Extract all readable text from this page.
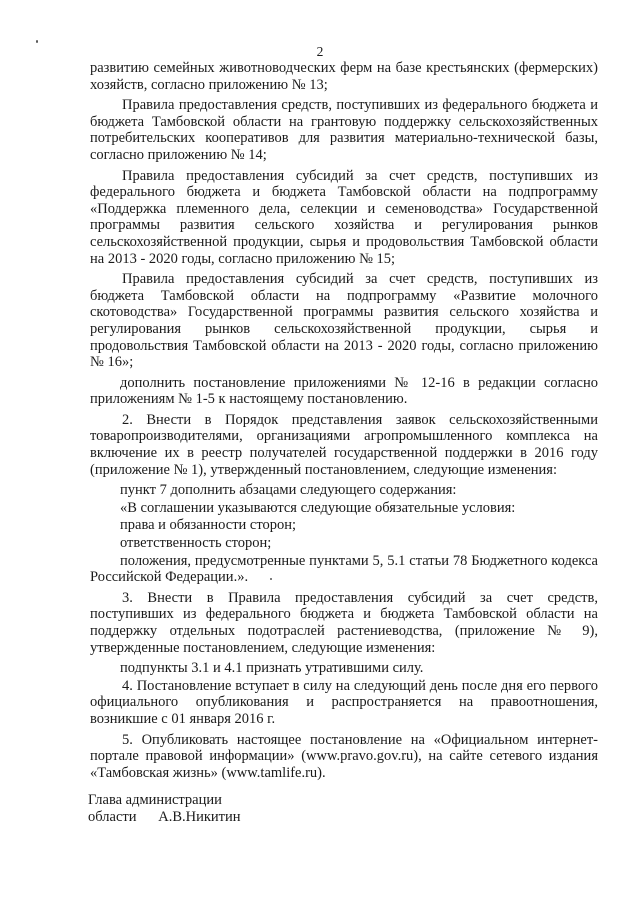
2

развитию семейных животноводческих ферм на базе крестьянских (фермерских) хозяйств, согласно приложению № 13;

Правила предоставления средств, поступивших из федерального бюджета и бюджета Тамбовской области на грантовую поддержку сельскохозяйственных потребительских кооперативов для развития материально-технической базы, согласно приложению № 14;

Правила предоставления субсидий за счет средств, поступивших из федерального бюджета и бюджета Тамбовской области на подпрограмму «Поддержка племенного дела, селекции и семеноводства» Государственной программы развития сельского хозяйства и регулирования рынков сельскохозяйственной продукции, сырья и продовольствия Тамбовской области на 2013 - 2020 годы, согласно приложению № 15;

Правила предоставления субсидий за счет средств, поступивших из бюджета Тамбовской области на подпрограмму «Развитие молочного скотоводства» Государственной программы развития сельского хозяйства и регулирования рынков сельскохозяйственной продукции, сырья и продовольствия Тамбовской области на 2013 - 2020 годы, согласно приложению № 16»;

дополнить постановление приложениями № 12-16 в редакции согласно приложениям № 1-5 к настоящему постановлению.

2. Внести в Порядок представления заявок сельскохозяйственными товаропроизводителями, организациями агропромышленного комплекса на включение их в реестр получателей государственной поддержки в 2016 году (приложение № 1), утвержденный постановлением, следующие изменения:

пункт 7 дополнить абзацами следующего содержания:

«В соглашении указываются следующие обязательные условия:

права и обязанности сторон;

ответственность сторон;

положения, предусмотренные пунктами 5, 5.1 статьи 78 Бюджетного кодекса Российской Федерации.».

3. Внести в Правила предоставления субсидий за счет средств, поступивших из федерального бюджета и бюджета Тамбовской области на поддержку отдельных подотраслей растениеводства, (приложение № 9), утвержденные постановлением, следующие изменения:

подпункты 3.1 и 4.1 признать утратившими силу.

4. Постановление вступает в силу на следующий день после дня его первого официального опубликования и распространяется на правоотношения, возникшие с 01 января 2016 г.

5. Опубликовать настоящее постановление на «Официальном интернет-портале правовой информации» (www.pravo.gov.ru), на сайте сетевого издания «Тамбовская жизнь» (www.tamlife.ru).

Глава администрации
области А.В.Никитин
